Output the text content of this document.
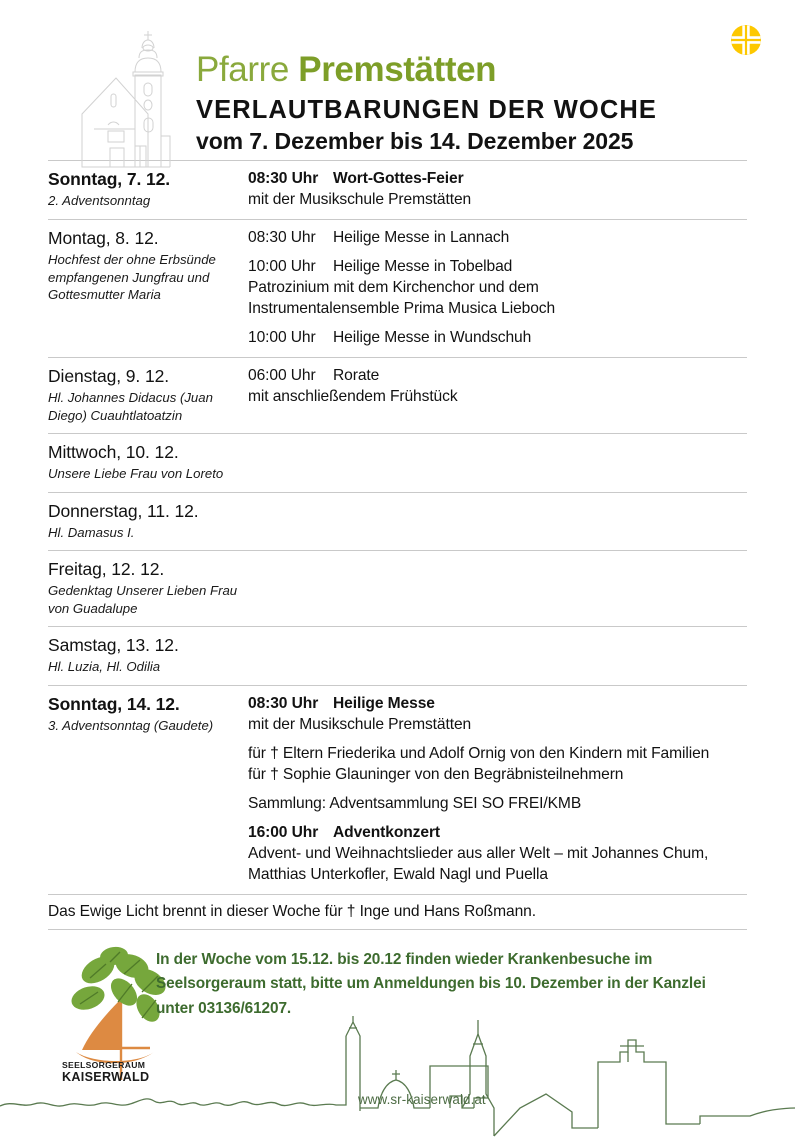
Pfarre Premstätten
VERLAUTBARUNGEN DER WOCHE
vom 7. Dezember bis 14. Dezember 2025
Sonntag, 7. 12.
2. Adventsonntag
08:30 Uhr Wort-Gottes-Feier
mit der Musikschule Premstätten
Montag, 8. 12.
Hochfest der ohne Erbsünde empfangenen Jungfrau und Gottesmutter Maria
08:30 Uhr Heilige Messe in Lannach
10:00 Uhr Heilige Messe in Tobelbad
Patrozinium mit dem Kirchenchor und dem
Instrumentalensemble Prima Musica Lieboch
10:00 Uhr Heilige Messe in Wundschuh
Dienstag, 9. 12.
Hl. Johannes Didacus (Juan Diego) Cuauhtlatoatzin
06:00 Uhr Rorate
mit anschließendem Frühstück
Mittwoch, 10. 12.
Unsere Liebe Frau von Loreto
Donnerstag, 11. 12.
Hl. Damasus I.
Freitag, 12. 12.
Gedenktag Unserer Lieben Frau von Guadalupe
Samstag, 13. 12.
Hl. Luzia, Hl. Odilia
Sonntag, 14. 12.
3. Adventsonntag (Gaudete)
08:30 Uhr Heilige Messe
mit der Musikschule Premstätten
für † Eltern Friederika und Adolf Ornig von den Kindern mit Familien
für † Sophie Glauninger von den Begräbnisteilnehmern
Sammlung: Adventsammlung SEI SO FREI/KMB
16:00 Uhr Adventkonzert
Advent- und Weihnachtslieder aus aller Welt – mit Johannes Chum, Matthias Unterkofler, Ewald Nagl und Puella
Das Ewige Licht brennt in dieser Woche für † Inge und Hans Roßmann.
SEELSORGERAUM
KAISERWALD
In der Woche vom 15.12. bis 20.12 finden wieder Krankenbesuche im Seelsorgeraum statt, bitte um Anmeldungen bis 10. Dezember in der Kanzlei unter 03136/61207.
www.sr-kaiserwald.at
